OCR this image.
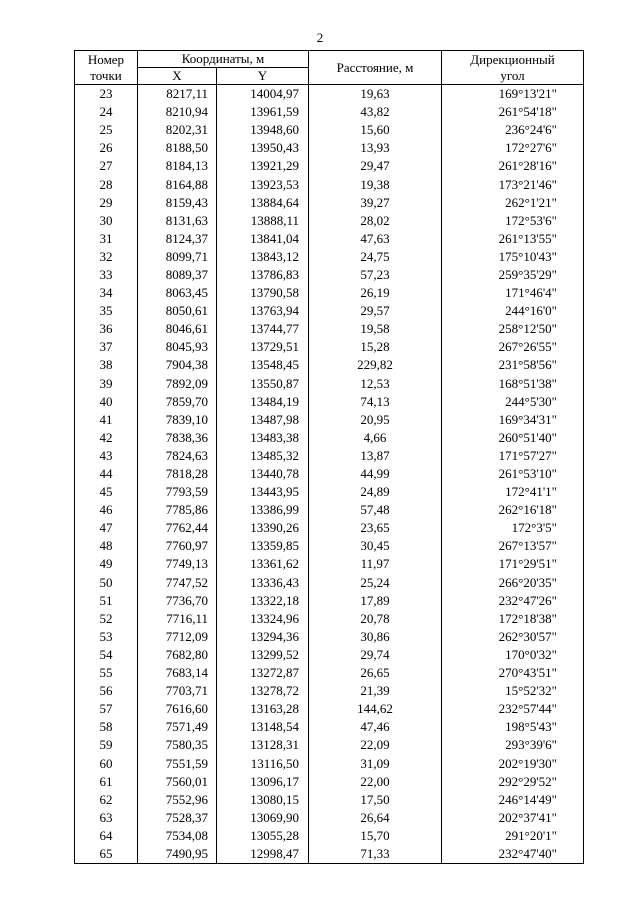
2
Номер
точки	Координаты, м		Расстояние, м	Дирекционный
угол
	X	Y		
23	8217,11	14004,97	19,63	169°13'21"
24	8210,94	13961,59	43,82	261°54'18"
25	8202,31	13948,60	15,60	236°24'6"
26	8188,50	13950,43	13,93	172°27'6"
27	8184,13	13921,29	29,47	261°28'16"
28	8164,88	13923,53	19,38	173°21'46"
29	8159,43	13884,64	39,27	262°1'21"
30	8131,63	13888,11	28,02	172°53'6"
31	8124,37	13841,04	47,63	261°13'55"
32	8099,71	13843,12	24,75	175°10'43"
33	8089,37	13786,83	57,23	259°35'29"
34	8063,45	13790,58	26,19	171°46'4"
35	8050,61	13763,94	29,57	244°16'0"
36	8046,61	13744,77	19,58	258°12'50"
37	8045,93	13729,51	15,28	267°26'55"
38	7904,38	13548,45	229,82	231°58'56"
39	7892,09	13550,87	12,53	168°51'38"
40	7859,70	13484,19	74,13	244°5'30"
41	7839,10	13487,98	20,95	169°34'31"
42	7838,36	13483,38	4,66	260°51'40"
43	7824,63	13485,32	13,87	171°57'27"
44	7818,28	13440,78	44,99	261°53'10"
45	7793,59	13443,95	24,89	172°41'1"
46	7785,86	13386,99	57,48	262°16'18"
47	7762,44	13390,26	23,65	172°3'5"
48	7760,97	13359,85	30,45	267°13'57"
49	7749,13	13361,62	11,97	171°29'51"
50	7747,52	13336,43	25,24	266°20'35"
51	7736,70	13322,18	17,89	232°47'26"
52	7716,11	13324,96	20,78	172°18'38"
53	7712,09	13294,36	30,86	262°30'57"
54	7682,80	13299,52	29,74	170°0'32"
55	7683,14	13272,87	26,65	270°43'51"
56	7703,71	13278,72	21,39	15°52'32"
57	7616,60	13163,28	144,62	232°57'44"
58	7571,49	13148,54	47,46	198°5'43"
59	7580,35	13128,31	22,09	293°39'6"
60	7551,59	13116,50	31,09	202°19'30"
61	7560,01	13096,17	22,00	292°29'52"
62	7552,96	13080,15	17,50	246°14'49"
63	7528,37	13069,90	26,64	202°37'41"
64	7534,08	13055,28	15,70	291°20'1"
65	7490,95	12998,47	71,33	232°47'40"
